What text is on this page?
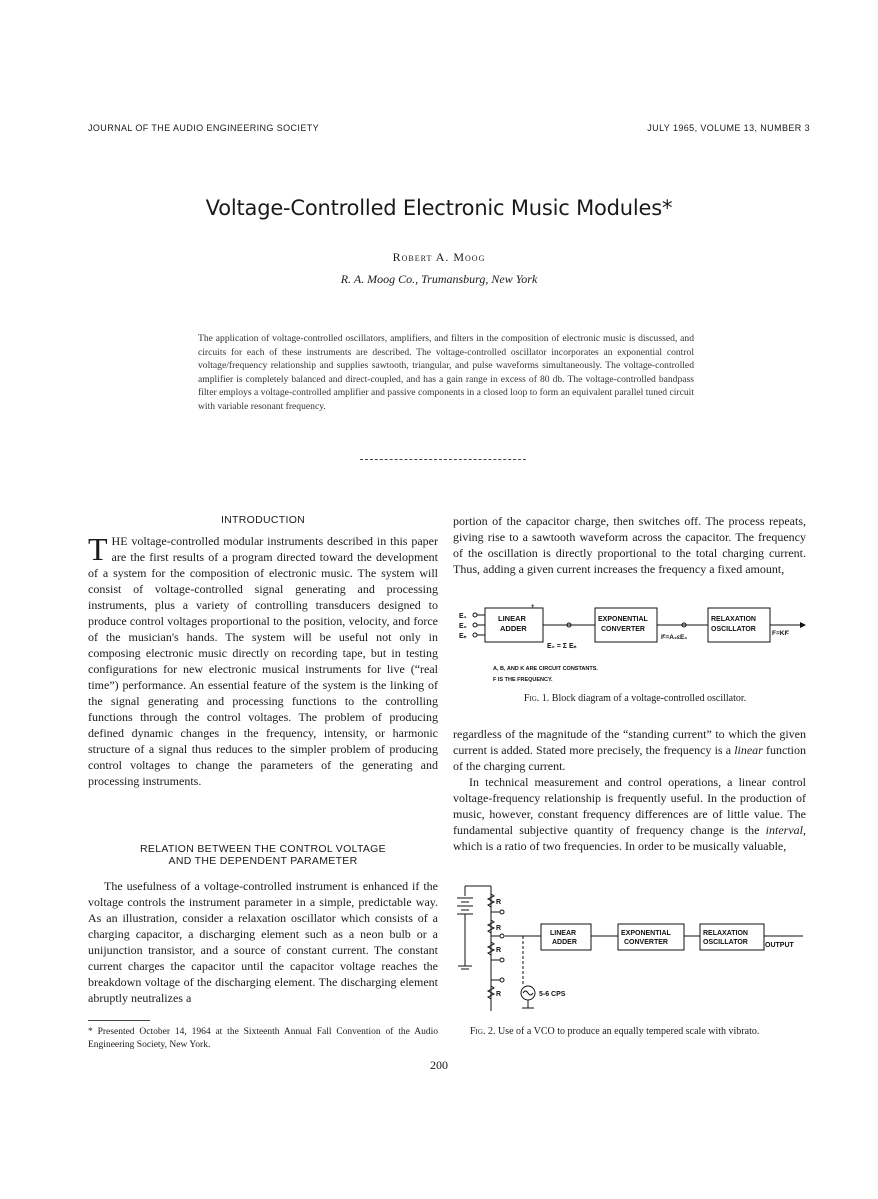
JOURNAL OF THE AUDIO ENGINEERING SOCIETY	JULY 1965, VOLUME 13, NUMBER 3
Voltage-Controlled Electronic Music Modules*
Robert A. Moog
R. A. Moog Co., Trumansburg, New York
The application of voltage-controlled oscillators, amplifiers, and filters in the composition of electronic music is discussed, and circuits for each of these instruments are described. The voltage-controlled oscillator incorporates an exponential control voltage/frequency relationship and supplies sawtooth, triangular, and pulse waveforms simultaneously. The voltage-controlled amplifier is completely balanced and direct-coupled, and has a gain range in excess of 80 db. The voltage-controlled bandpass filter employs a voltage-controlled amplifier and passive components in a closed loop to form an equivalent parallel tuned circuit with variable resonant frequency.
INTRODUCTION
T HE voltage-controlled modular instruments described in this paper are the first results of a program directed toward the development of a system for the composition of electronic music. The system will consist of voltage-controlled signal generating and processing instruments, plus a variety of controlling transducers designed to produce control voltages proportional to the position, velocity, and force of the musician's hands. The system will be useful not only in composing electronic music directly on recording tape, but in testing configurations for new electronic musical instruments for live (“real time”) performance. An essential feature of the system is the linking of the signal generating and processing functions to the controlling functions through the control voltages. The problem of producing defined dynamic changes in the frequency, intensity, or harmonic structure of a signal thus reduces to the simpler problem of producing control voltages to change the parameters of the generating and processing instruments.
RELATION BETWEEN THE CONTROL VOLTAGE
AND THE DEPENDENT PARAMETER

The usefulness of a voltage-controlled instrument is enhanced if the voltage controls the instrument parameter in a simple, predictable way. As an illustration, consider a relaxation oscillator which consists of a charging capacitor, a discharging element such as a neon bulb or a unijunction transistor, and a source of constant current. The constant current charges the capacitor until the capacitor voltage reaches the breakdown voltage of the discharging element. The discharging element abruptly neutralizes a

* Presented October 14, 1964 at the Sixteenth Annual Fall Convention of the Audio Engineering Society, New York.

portion of the capacitor charge, then switches off. The process repeats, giving rise to a sawtooth waveform across the capacitor. The frequency of the oscillation is directly proportional to the total charging current. Thus, adding a given current increases the frequency a fixed amount,

+
E₁
E₂
Eₙ
LINEAR
ADDER
E₀ = Σ Eₙ
EXPONENTIAL
CONVERTER
Iᴱ=A₂εE₀
RELAXATION
OSCILLATOR
F=KIᴱ
A, B, AND K ARE CIRCUIT CONSTANTS.
F IS THE FREQUENCY.
Fig. 1. Block diagram of a voltage-controlled oscillator.

regardless of the magnitude of the “standing current” to which the given current is added. Stated more precisely, the frequency is a linear function of the charging current.

In technical measurement and control operations, a linear control voltage-frequency relationship is frequently useful. In the production of music, however, constant frequency differences are of little value. The fundamental subjective quantity of frequency change is the interval, which is a ratio of two frequencies. In order to be musically valuable,

R
R
R
R
LINEAR
ADDER
EXPONENTIAL
CONVERTER
RELAXATION
OSCILLATOR OUTPUT
5-6 CPS
Fig. 2. Use of a VCO to produce an equally tempered scale with vibrato.
200
